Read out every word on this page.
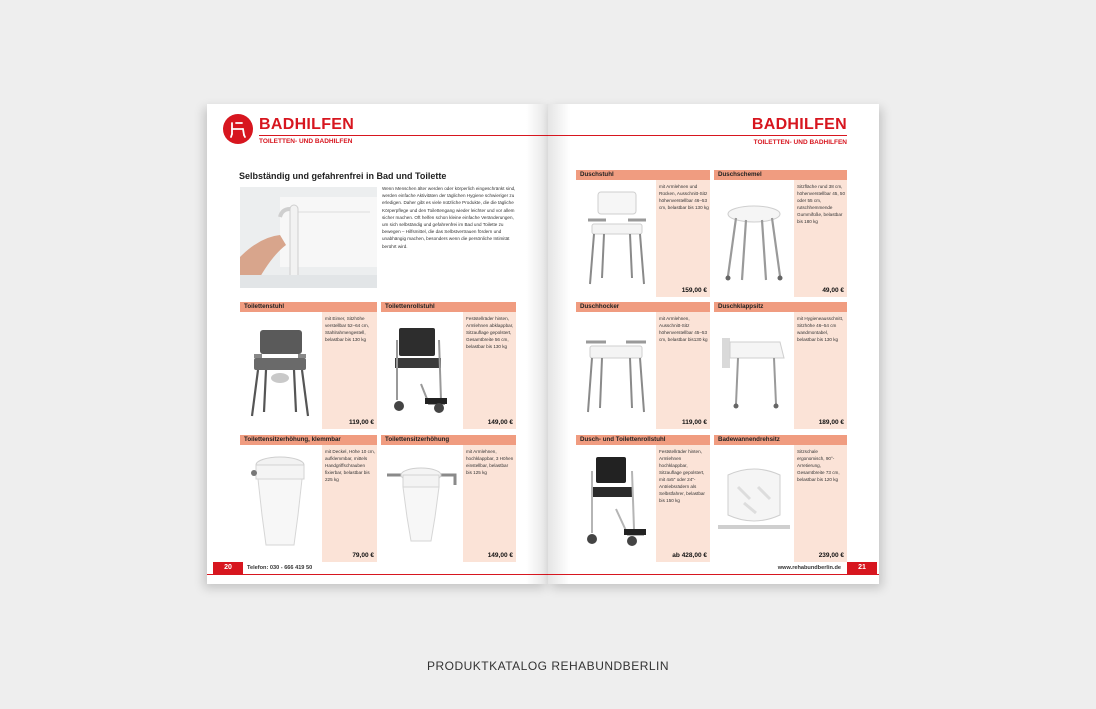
BADHILFEN
TOILETTEN- UND BADHILFEN
Selbständig und gefahrenfrei in Bad und Toilette

Wenn Menschen älter werden oder körperlich eingeschränkt sind, werden einfache Aktivitäten der täglichen Hygiene schwieriger zu erledigen. Daher gibt es viele nützliche Produkte, die die tägliche Körperpflege und den Toilettengang wieder leichter und vor allem sicher machen. Oft helfen schon kleine einfache Veränderungen, um sich selbständig und gefahrenfrei im Bad und Toilette zu bewegen – Hilfsmittel, die das Selbstvertrauen fördern und unabhängig machen, besonders wenn die persönliche Intimität berührt wird.

Toilettenstuhl

mit Eimer, Sitzhöhe verstellbar 52–64 cm, Stahlrahmengestell, belastbar bis 130 kg

119,00 €
Toilettenrollstuhl

Feststellräder hinten, Armlehnen abklappbar, Sitzauflage gepolstert, Gesamtbreite 56 cm, belastbar bis 130 kg

149,00 €
Toilettensitzerhöhung, klemmbar

mit Deckel, Höhe 10 cm, aufklemmbar, mittels Handgriffschrauben fixierbar, belastbar bis 225 kg

79,00 €
Toilettensitzerhöhung

mit Armlehnen, hochklappbar, 3 Höhen einstellbar, belastbar bis 125 kg

149,00 €
20	Telefon: 030 - 666 419 50
BADHILFEN
TOILETTEN- UND BADHILFEN
Duschstuhl

mit Armlehnen und Rücken, Ausschnitt-Sitz höhenverstellbar 46–53 cm, belastbar bis 130 kg

159,00 €
Duschschemel

Sitzfläche rund 38 cm, höhenverstellbar 45, 50 oder 55 cm, rutschhemmende Gummifüße, belastbar bis 180 kg

49,00 €
Duschhocker

mit Armlehnen, Ausschnitt-Sitz höhenverstellbar 45–53 cm, belastbar bis130 kg

119,00 €
Duschklappsitz

mit Hygieneausschnitt, Sitzhöhe 46–54 cm wandmontabel, belastbar bis 130 kg

189,00 €
Dusch- und Toilettenrollstuhl

Feststellräder hinten, Armlehnen hochklappbar, Sitzauflage gepolstert, mit 4x5" oder 24"-Antriebsrädern als Selbstfahrer, belastbar bis 150 kg

ab 428,00 €
Badewannendrehsitz

Sitzschale ergonomisch, 90°-Arretierung, Gesamtbreite 73 cm, belastbar bis 120 kg

239,00 €
www.rehabundberlin.de	21
PRODUKTKATALOG REHABUNDBERLIN
